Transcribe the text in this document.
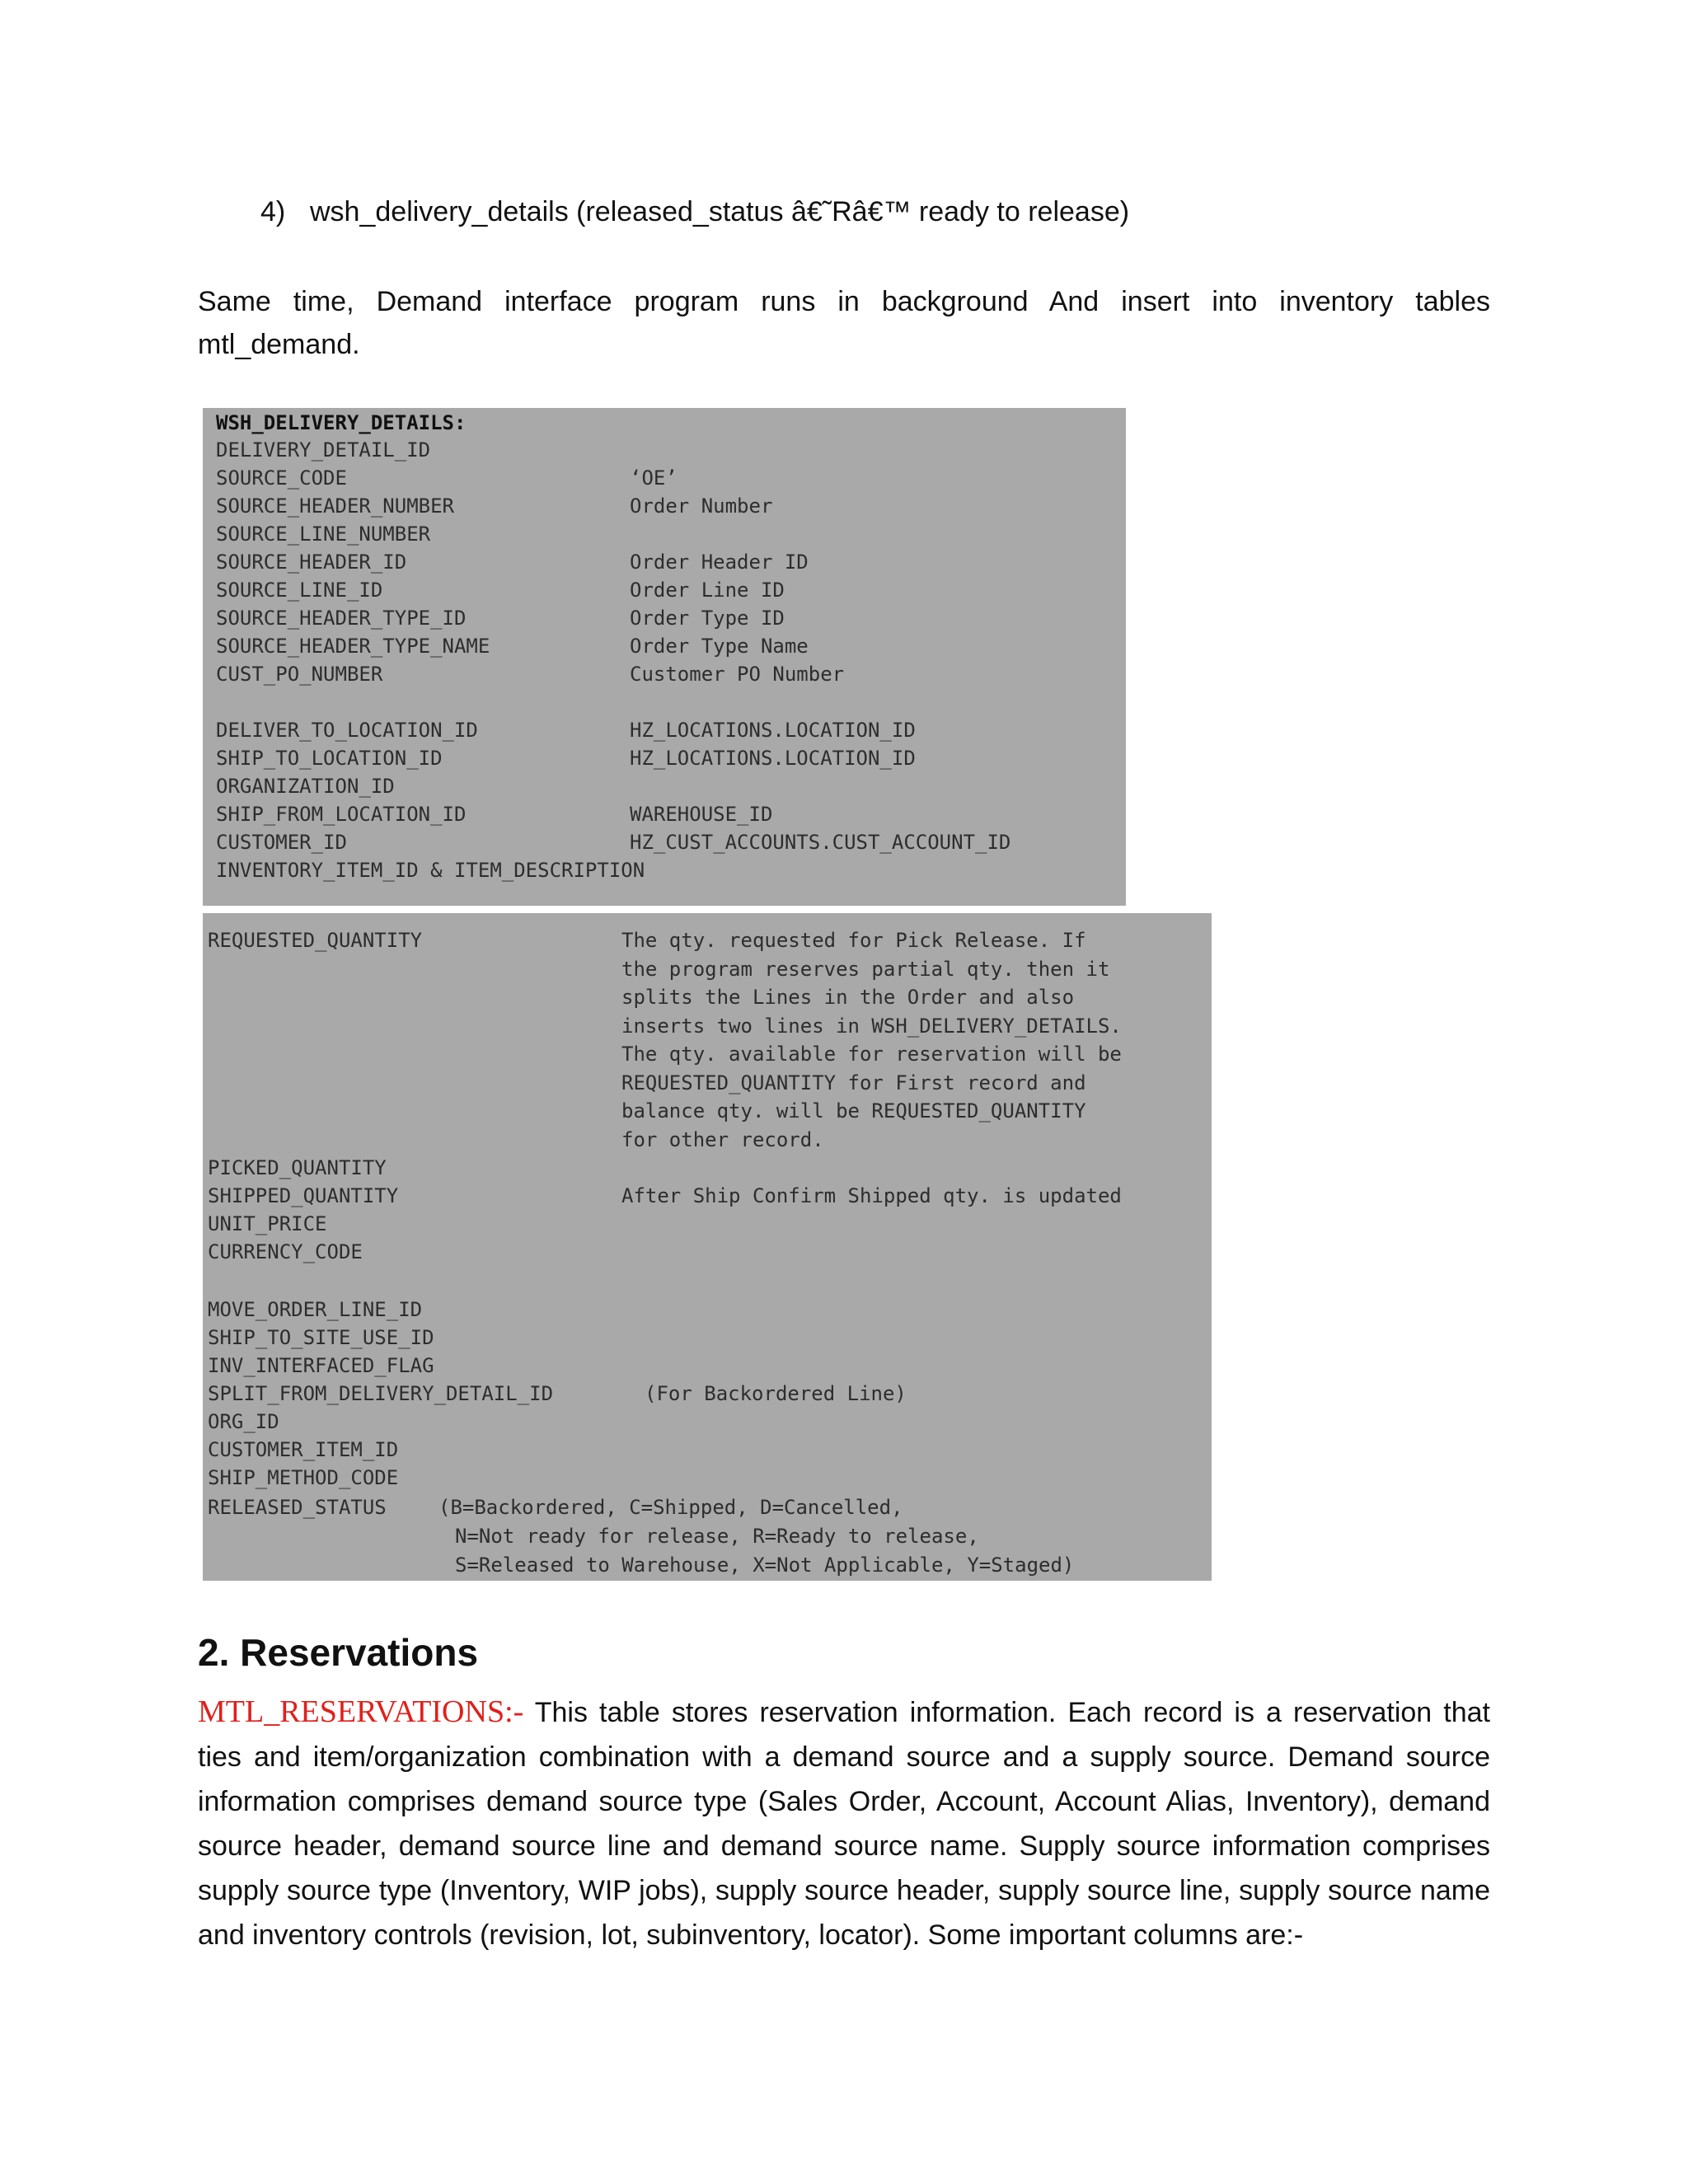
4) wsh_delivery_details (released_status â€˜Râ€™ ready to release)
Same time, Demand interface program runs in background And insert into inventory tables
mtl_demand.
WSH_DELIVERY_DETAILS:
DELIVERY_DETAIL_ID
SOURCE_CODE	‘OE’
SOURCE_HEADER_NUMBER	Order Number
SOURCE_LINE_NUMBER
SOURCE_HEADER_ID	Order Header ID
SOURCE_LINE_ID	Order Line ID
SOURCE_HEADER_TYPE_ID	Order Type ID
SOURCE_HEADER_TYPE_NAME	Order Type Name
CUST_PO_NUMBER	Customer PO Number
DELIVER_TO_LOCATION_ID	HZ_LOCATIONS.LOCATION_ID
SHIP_TO_LOCATION_ID	HZ_LOCATIONS.LOCATION_ID
ORGANIZATION_ID
SHIP_FROM_LOCATION_ID	WAREHOUSE_ID
CUSTOMER_ID	HZ_CUST_ACCOUNTS.CUST_ACCOUNT_ID
INVENTORY_ITEM_ID & ITEM_DESCRIPTION
REQUESTED_QUANTITY	The qty. requested for Pick Release. If
the program reserves partial qty. then it
splits the Lines in the Order and also
inserts two lines in WSH_DELIVERY_DETAILS.
The qty. available for reservation will be
REQUESTED_QUANTITY for First record and
balance qty. will be REQUESTED_QUANTITY
for other record.
PICKED_QUANTITY
SHIPPED_QUANTITY	After Ship Confirm Shipped qty. is updated
UNIT_PRICE
CURRENCY_CODE
MOVE_ORDER_LINE_ID
SHIP_TO_SITE_USE_ID
INV_INTERFACED_FLAG
SPLIT_FROM_DELIVERY_DETAIL_ID	(For Backordered Line)
ORG_ID
CUSTOMER_ITEM_ID
SHIP_METHOD_CODE
RELEASED_STATUS	(B=Backordered, C=Shipped, D=Cancelled,
N=Not ready for release, R=Ready to release,
S=Released to Warehouse, X=Not Applicable, Y=Staged)
2. Reservations
MTL_RESERVATIONS:- This table stores reservation information. Each record is a reservation that ties and item/organization combination with a demand source and a supply source. Demand source information comprises demand source type (Sales Order, Account, Account Alias, Inventory), demand source header, demand source line and demand source name. Supply source information comprises supply source type (Inventory, WIP jobs), supply source header, supply source line, supply source name and inventory controls (revision, lot, subinventory, locator). Some important columns are:-
